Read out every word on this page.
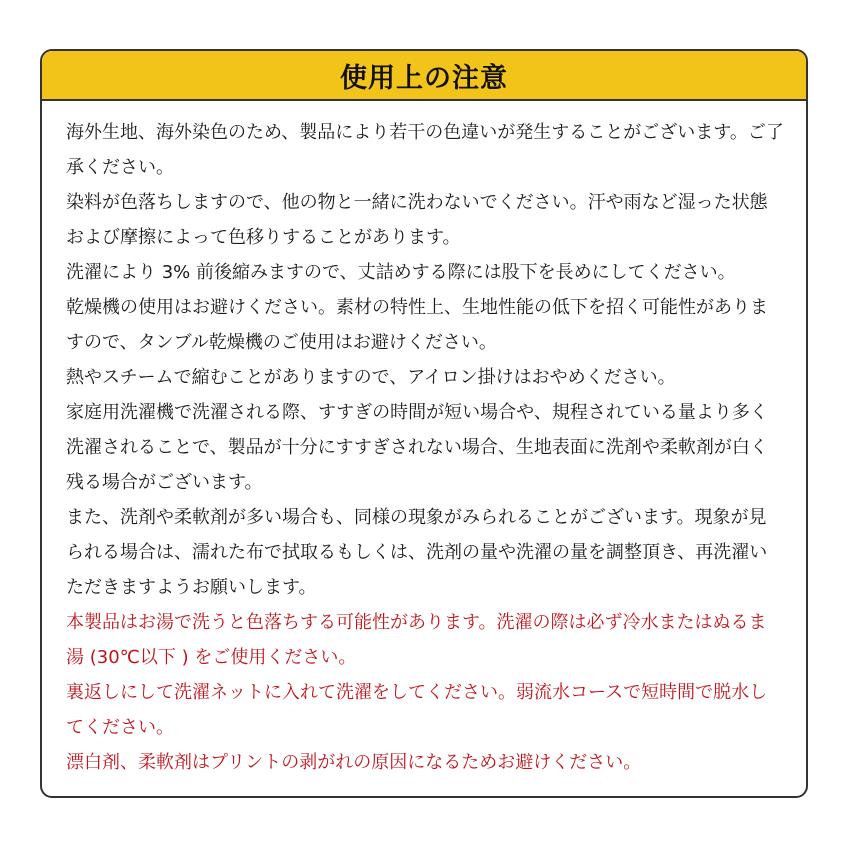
使用上の注意

海外生地、海外染色のため、製品により若干の色違いが発生することがございます。ご了承ください。

染料が色落ちしますので、他の物と一緒に洗わないでください。汗や雨など湿った状態および摩擦によって色移りすることがあります。

洗濯により 3% 前後縮みますので、丈詰めする際には股下を長めにしてください。

乾燥機の使用はお避けください。素材の特性上、生地性能の低下を招く可能性がありますので、タンブル乾燥機のご使用はお避けください。

熱やスチームで縮むことがありますので、アイロン掛けはおやめください。

家庭用洗濯機で洗濯される際、すすぎの時間が短い場合や、規程されている量より多く洗濯されることで、製品が十分にすすぎされない場合、生地表面に洗剤や柔軟剤が白く残る場合がございます。

また、洗剤や柔軟剤が多い場合も、同様の現象がみられることがございます。現象が見られる場合は、濡れた布で拭取るもしくは、洗剤の量や洗濯の量を調整頂き、再洗濯いただきますようお願いします。

本製品はお湯で洗うと色落ちする可能性があります。洗濯の際は必ず冷水またはぬるま湯 (30℃以下 ) をご使用ください。

裏返しにして洗濯ネットに入れて洗濯をしてください。弱流水コースで短時間で脱水してください。

漂白剤、柔軟剤はプリントの剥がれの原因になるためお避けください。
